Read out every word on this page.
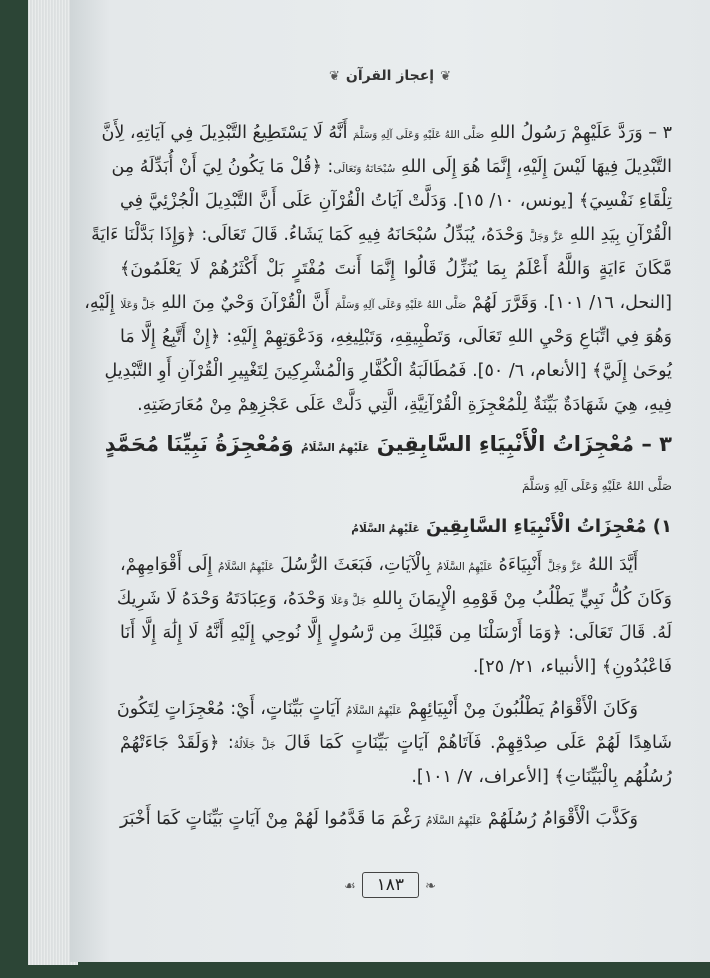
❦ إعجاز القرآن ❦
٣ – وَرَدَّ عَلَيْهِمْ رَسُولُ اللهِ صَلَّى اللهُ عَلَيْهِ وَعَلَى آلِهِ وَسَلَّمَ أَنَّهُ لَا يَسْتَطِيعُ التَّبْدِيلَ فِي آيَاتِهِ، لِأَنَّ
التَّبْدِيلَ فِيهَا لَيْسَ إِلَيْهِ، إِنَّمَا هُوَ إِلَى اللهِ سُبْحَانَهُ وَتَعَالَى: ﴿قُلْ مَا يَكُونُ لِيَ أَنْ أُبَدِّلَهُ مِن
تِلْقَاءِ نَفْسِيَ﴾ [يونس، ١٠/ ١٥]. وَدَلَّتْ آيَاتُ الْقُرْآنِ عَلَى أَنَّ التَّبْدِيلَ الْجُزْئِيَّ فِي
الْقُرْآنِ بِيَدِ اللهِ عَزَّ وَجَلَّ وَحْدَهُ، يُبَدِّلُ سُبْحَانَهُ فِيهِ كَمَا يَشَاءُ. قَالَ تَعَالَى: ﴿وَإِذَا بَدَّلْنَا ءَايَةً
مَّكَانَ ءَايَةٍ وَاللَّهُ أَعْلَمُ بِمَا يُنَزِّلُ قَالُوا إِنَّمَا أَنتَ مُفْتَرٍ بَلْ أَكْثَرُهُمْ لَا يَعْلَمُونَ﴾
[النحل، ١٦/ ١٠١]. وَقَرَّرَ لَهُمْ صَلَّى اللهُ عَلَيْهِ وَعَلَى آلِهِ وَسَلَّمَ أَنَّ الْقُرْآنَ وَحْيٌ مِنَ اللهِ جَلَّ وَعَلَا إِلَيْهِ،
وَهُوَ فِي اتِّبَاعِ وَحْيِ اللهِ تَعَالَى، وَتَطْبِيقِهِ، وَتَبْلِيغِهِ، وَدَعْوَتِهِمْ إِلَيْهِ: ﴿إِنْ أَتَّبِعُ إِلَّا مَا
يُوحَىٰ إِلَيَّ﴾ [الأنعام، ٦/ ٥٠]. فَمُطَالَبَةُ الْكُفَّارِ وَالْمُشْرِكِينَ لِتَغْيِيرِ الْقُرْآنِ أَوِ التَّبْدِيلِ
فِيهِ، هِيَ شَهَادَةٌ بَيِّنَةٌ لِلْمُعْجِزَةِ الْقُرْآنِيَّةِ، الَّتِي دَلَّتْ عَلَى عَجْزِهِمْ مِنْ مُعَارَضَتِهِ.
٣ – مُعْجِزَاتُ الْأَنْبِيَاءِ السَّابِقِينَ عَلَيْهِمُ السَّلَامُ وَمُعْجِزَةُ نَبِيِّنَا مُحَمَّدٍ
صَلَّى اللهُ عَلَيْهِ وَعَلَى آلِهِ وَسَلَّمَ
١) مُعْجِزَاتُ الْأَنْبِيَاءِ السَّابِقِينَ عَلَيْهِمُ السَّلَامُ
أَيَّدَ اللهُ عَزَّ وَجَلَّ أَنْبِيَاءَهُ عَلَيْهِمُ السَّلَامُ بِالْآيَاتِ، فَبَعَثَ الرُّسُلَ عَلَيْهِمُ السَّلَامُ إِلَى أَقْوَامِهِمْ،
وَكَانَ كُلُّ نَبِيٍّ يَطْلُبُ مِنْ قَوْمِهِ الْإِيمَانَ بِاللهِ جَلَّ وَعَلَا وَحْدَهُ، وَعِبَادَتَهُ وَحْدَهُ لَا شَرِيكَ
لَهُ. قَالَ تَعَالَى: ﴿وَمَا أَرْسَلْنَا مِن قَبْلِكَ مِن رَّسُولٍ إِلَّا نُوحِي إِلَيْهِ أَنَّهُ لَا إِلَٰهَ إِلَّا أَنَا
فَاعْبُدُونِ﴾ [الأنبياء، ٢١/ ٢٥].
وَكَانَ الْأَقْوَامُ يَطْلُبُونَ مِنْ أَنْبِيَائِهِمْ عَلَيْهِمُ السَّلَامُ آيَاتٍ بَيِّنَاتٍ، أَيْ: مُعْجِزَاتٍ لِتَكُونَ
شَاهِدًا لَهُمْ عَلَى صِدْقِهِمْ. فَآتَاهُمْ آيَاتٍ بَيِّنَاتٍ كَمَا قَالَ جَلَّ جَلَالُهُ: ﴿وَلَقَدْ جَاءَتْهُمْ
رُسُلُهُم بِالْبَيِّنَاتِ﴾ [الأعراف، ٧/ ١٠١].
وَكَذَّبَ الْأَقْوَامُ رُسُلَهُمْ عَلَيْهِمُ السَّلَامُ رَغْمَ مَا قَدَّمُوا لَهُمْ مِنْ آيَاتٍ بَيِّنَاتٍ كَمَا أَخْبَرَ
❧١٨٣☙
